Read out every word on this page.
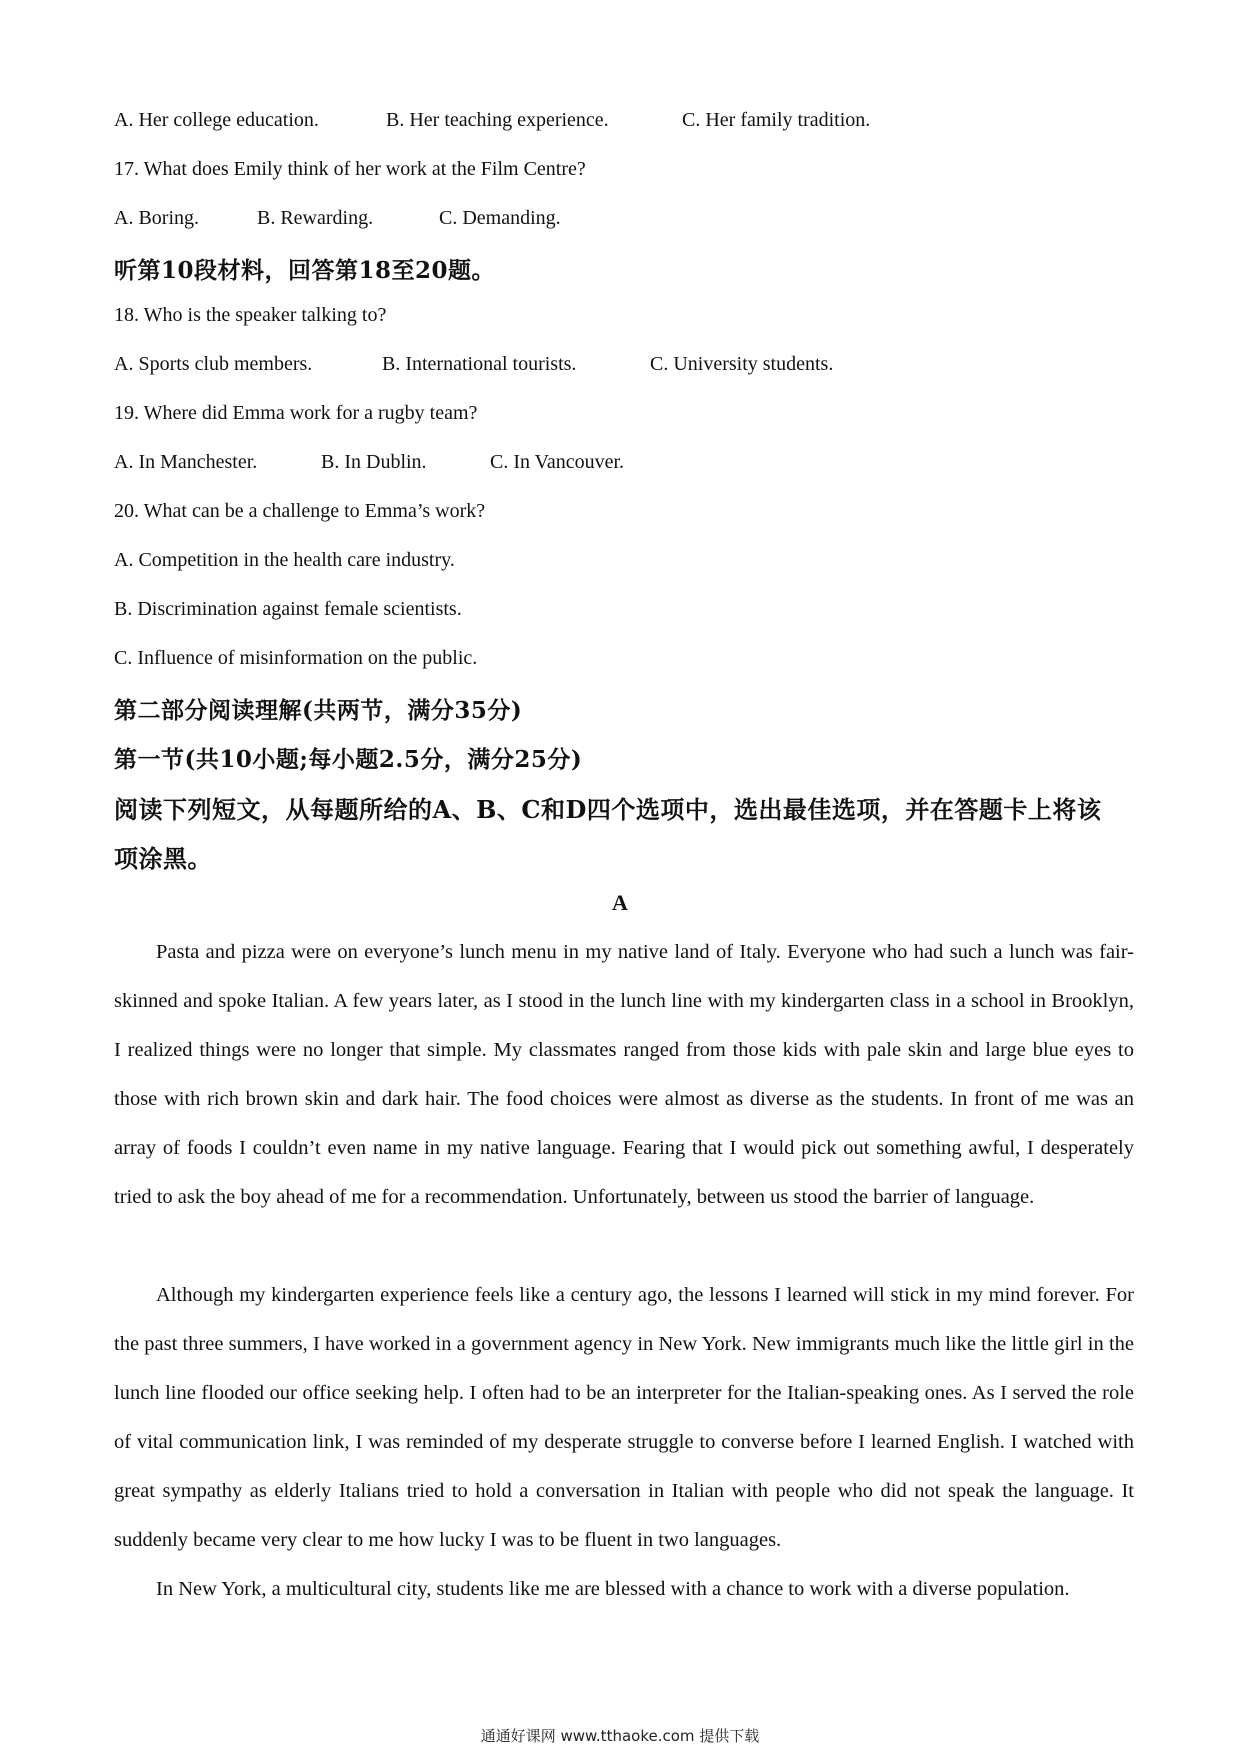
A. Her college education.	B. Her teaching experience.	C. Her family tradition.
17. What does Emily think of her work at the Film Centre?
A. Boring.	B. Rewarding.	C. Demanding.
听第10段材料，回答第18至20题。
18. Who is the speaker talking to?
A. Sports club members.	B. International tourists.	C. University students.
19. Where did Emma work for a rugby team?
A. In Manchester.	B. In Dublin.	C. In Vancouver.
20. What can be a challenge to Emma’s work?
A. Competition in the health care industry.
B. Discrimination against female scientists.
C. Influence of misinformation on the public.
第二部分阅读理解(共两节，满分35分)
第一节(共10小题;每小题2.5分，满分25分)
阅读下列短文，从每题所给的A、B、C和D四个选项中，选出最佳选项，并在答题卡上将该
项涂黑。
A

Pasta and pizza were on everyone’s lunch menu in my native land of Italy. Everyone who had such a lunch was fair-skinned and spoke Italian. A few years later, as I stood in the lunch line with my kindergarten class in a school in Brooklyn, I realized things were no longer that simple. My classmates ranged from those kids with pale skin and large blue eyes to those with rich brown skin and dark hair. The food choices were almost as diverse as the students. In front of me was an array of foods I couldn’t even name in my native language. Fearing that I would pick out something awful, I desperately tried to ask the boy ahead of me for a recommendation. Unfortunately, between us stood the barrier of language.

Although my kindergarten experience feels like a century ago, the lessons I learned will stick in my mind forever. For the past three summers, I have worked in a government agency in New York. New immigrants much like the little girl in the lunch line flooded our office seeking help. I often had to be an interpreter for the Italian-speaking ones. As I served the role of vital communication link, I was reminded of my desperate struggle to converse before I learned English. I watched with great sympathy as elderly Italians tried to hold a conversation in Italian with people who did not speak the language. It suddenly became very clear to me how lucky I was to be fluent in two languages.

In New York, a multicultural city, students like me are blessed with a chance to work with a diverse population.

通通好课网 www.tthaoke.com 提供下载
